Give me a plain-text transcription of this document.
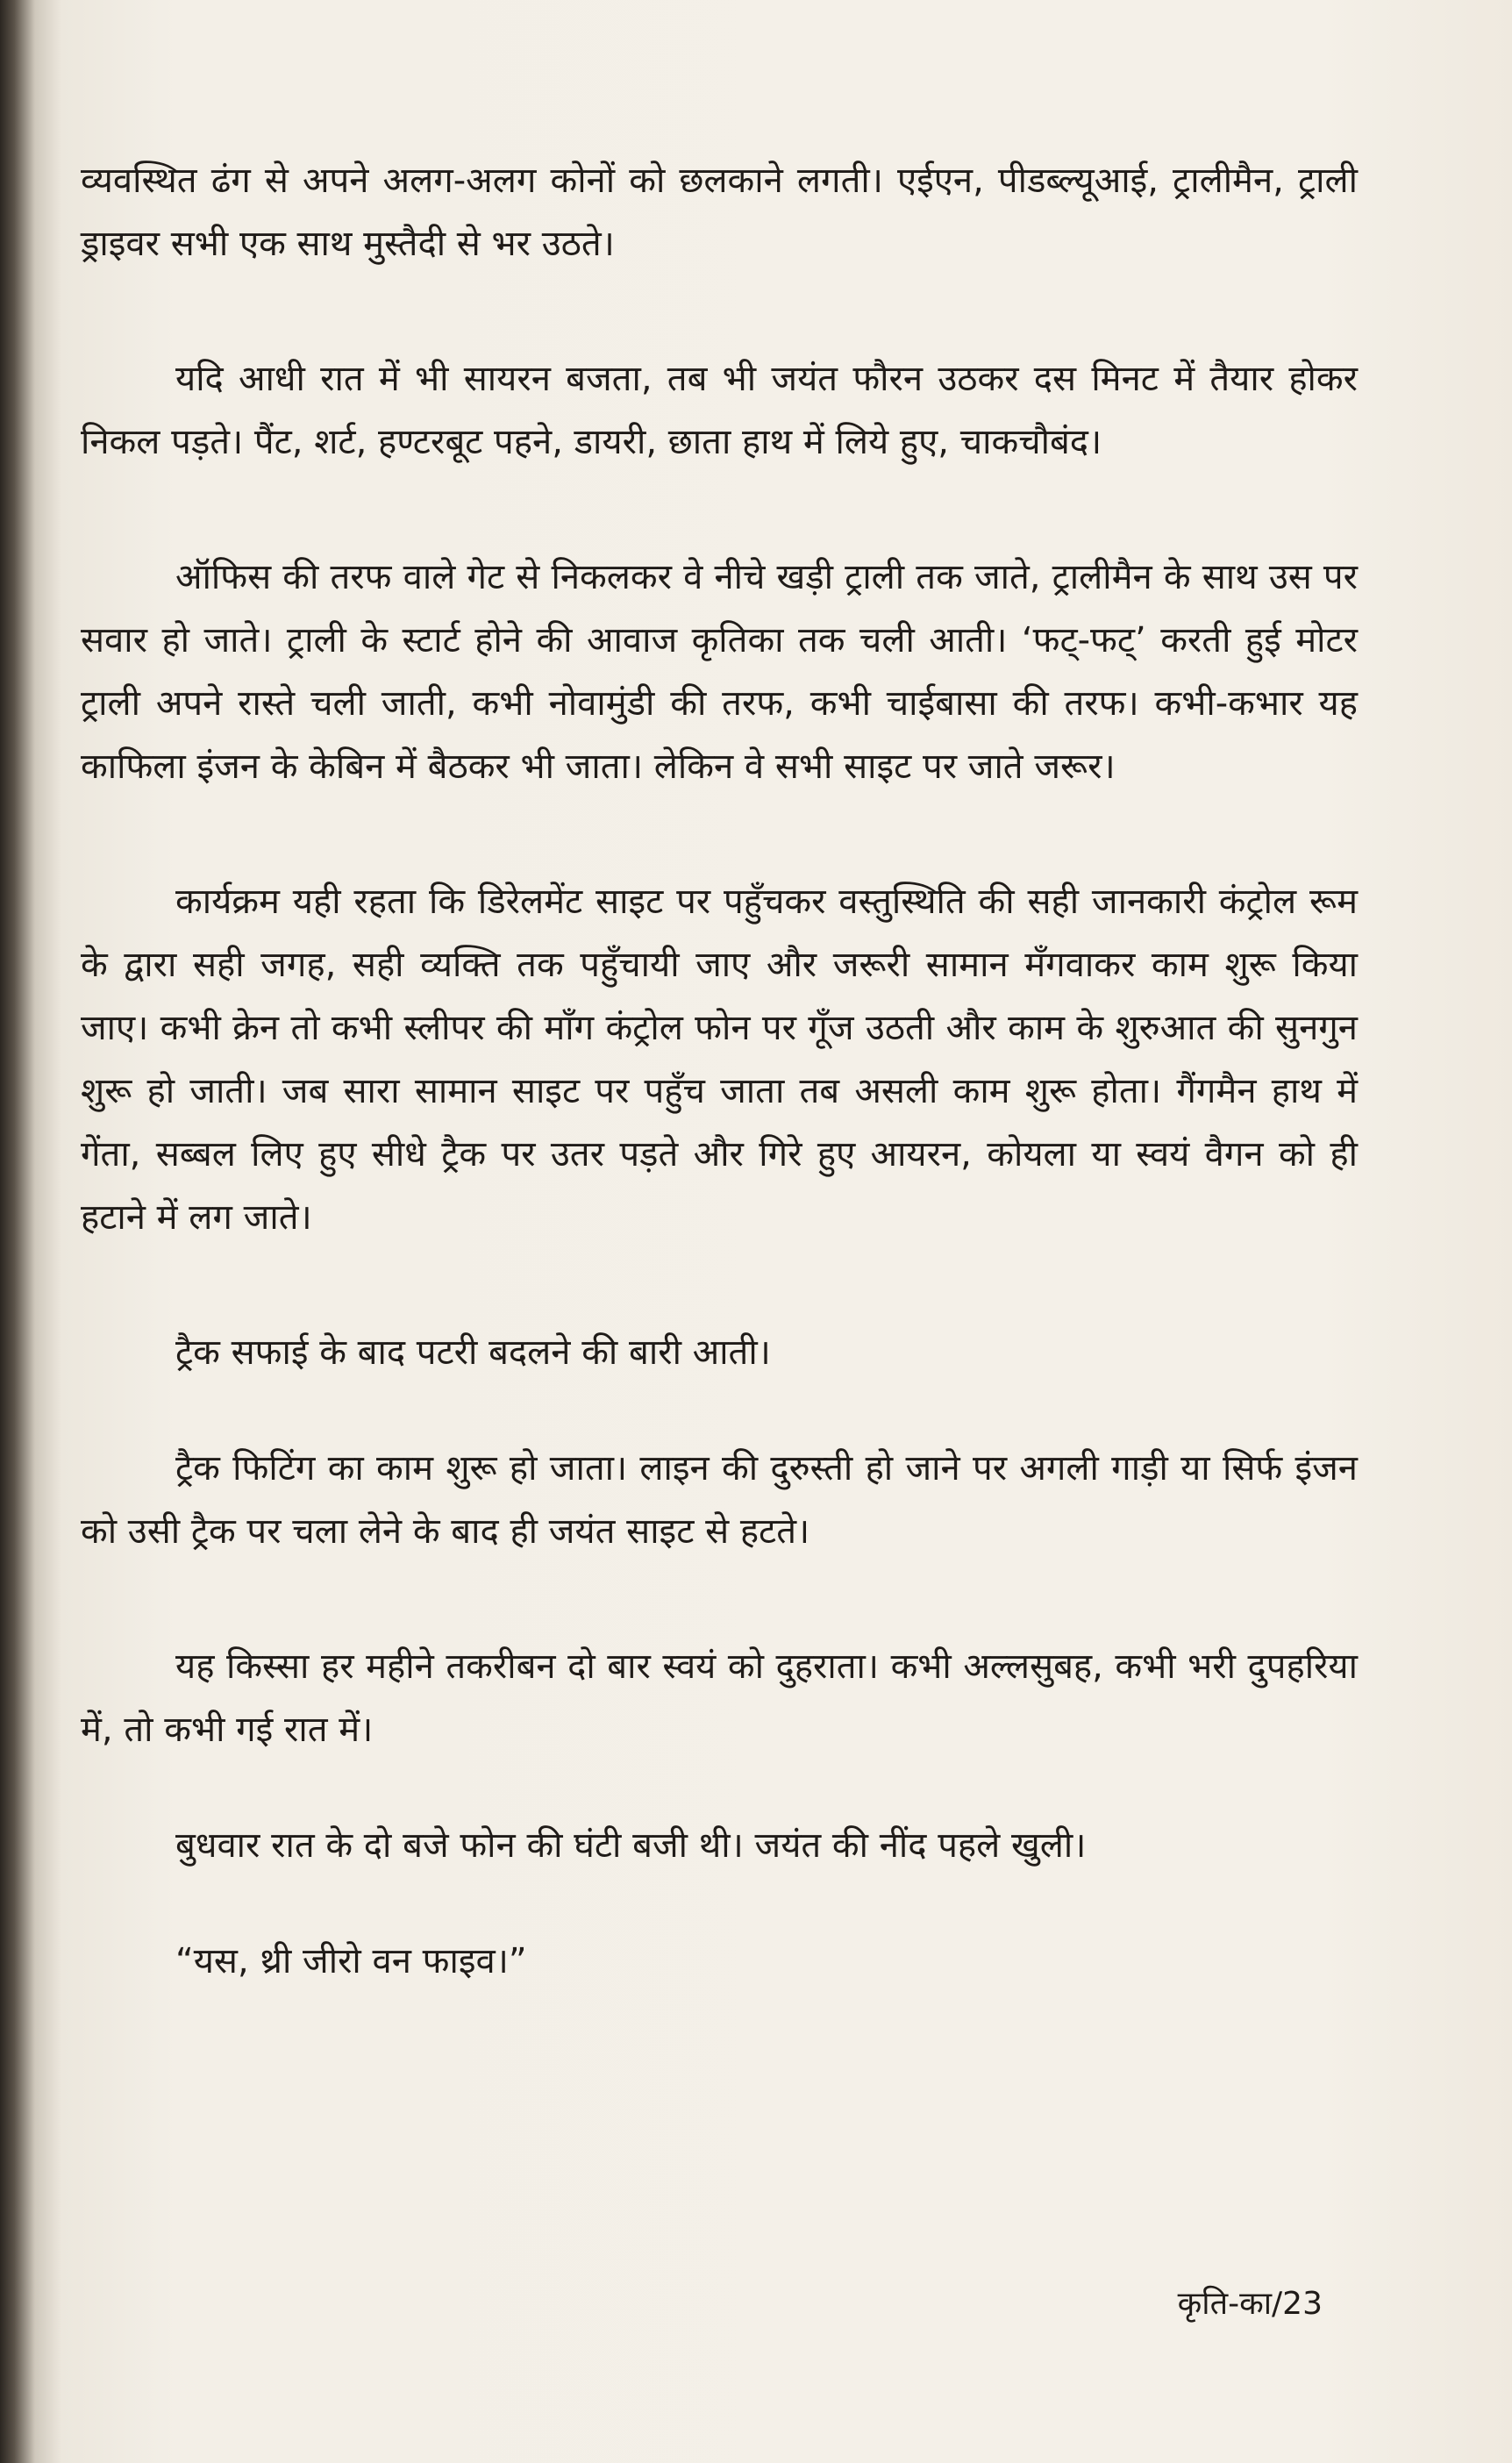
व्यवस्थित ढंग से अपने अलग-अलग कोनों को छलकाने लगती। एईएन, पीडब्ल्यूआई, ट्रालीमैन, ट्राली ड्राइवर सभी एक साथ मुस्तैदी से भर उठते।

यदि आधी रात में भी सायरन बजता, तब भी जयंत फौरन उठकर दस मिनट में तैयार होकर निकल पड़ते। पैंट, शर्ट, हण्टरबूट पहने, डायरी, छाता हाथ में लिये हुए, चाकचौबंद।

ऑफिस की तरफ वाले गेट से निकलकर वे नीचे खड़ी ट्राली तक जाते, ट्रालीमैन के साथ उस पर सवार हो जाते। ट्राली के स्टार्ट होने की आवाज कृतिका तक चली आती। ‘फट्-फट्’ करती हुई मोटर ट्राली अपने रास्ते चली जाती, कभी नोवामुंडी की तरफ, कभी चाईबासा की तरफ। कभी-कभार यह काफिला इंजन के केबिन में बैठकर भी जाता। लेकिन वे सभी साइट पर जाते जरूर।

कार्यक्रम यही रहता कि डिरेलमेंट साइट पर पहुँचकर वस्तुस्थिति की सही जानकारी कंट्रोल रूम के द्वारा सही जगह, सही व्यक्ति तक पहुँचायी जाए और जरूरी सामान मँगवाकर काम शुरू किया जाए। कभी क्रेन तो कभी स्लीपर की माँग कंट्रोल फोन पर गूँज उठती और काम के शुरुआत की सुनगुन शुरू हो जाती। जब सारा सामान साइट पर पहुँच जाता तब असली काम शुरू होता। गैंगमैन हाथ में गेंता, सब्बल लिए हुए सीधे ट्रैक पर उतर पड़ते और गिरे हुए आयरन, कोयला या स्वयं वैगन को ही हटाने में लग जाते।

ट्रैक सफाई के बाद पटरी बदलने की बारी आती।

ट्रैक फिटिंग का काम शुरू हो जाता। लाइन की दुरुस्ती हो जाने पर अगली गाड़ी या सिर्फ इंजन को उसी ट्रैक पर चला लेने के बाद ही जयंत साइट से हटते।

यह किस्सा हर महीने तकरीबन दो बार स्वयं को दुहराता। कभी अल्लसुबह, कभी भरी दुपहरिया में, तो कभी गई रात में।

बुधवार रात के दो बजे फोन की घंटी बजी थी। जयंत की नींद पहले खुली।

“यस, थ्री जीरो वन फाइव।”

कृति-का/23
